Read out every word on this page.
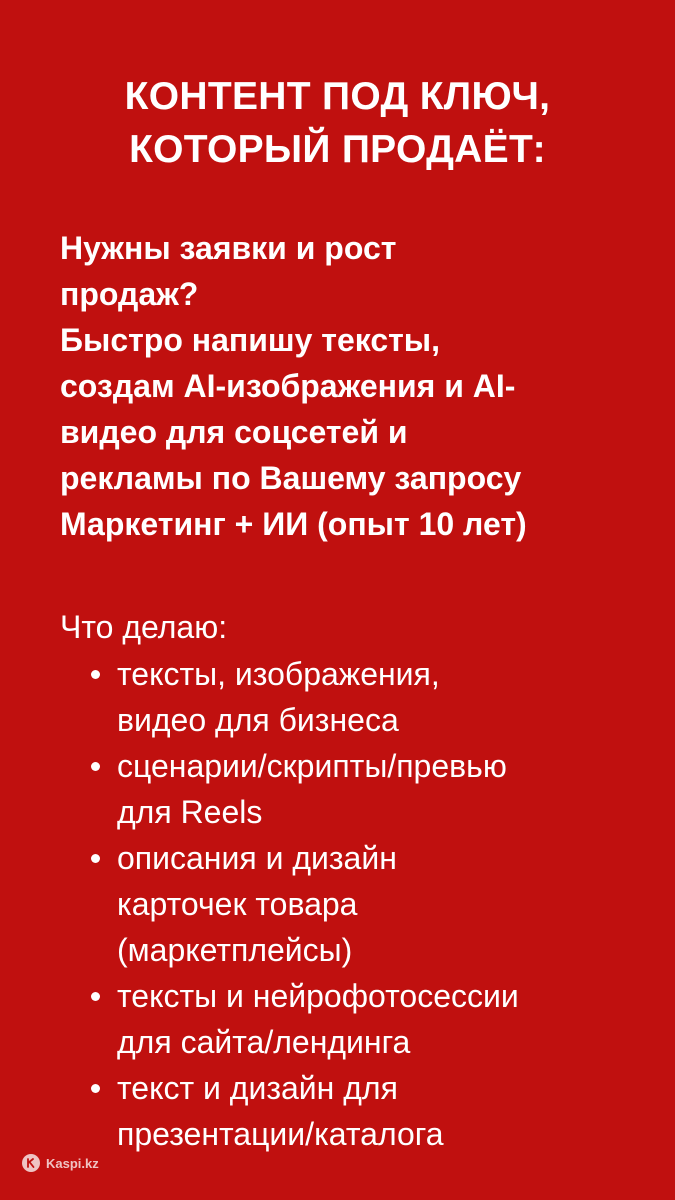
КОНТЕНТ ПОД КЛЮЧ,
КОТОРЫЙ ПРОДАЁТ:

Нужны заявки и рост
продаж?
Быстро напишу тексты,
создам AI-изображения и AI-
видео для соцсетей и
рекламы по Вашему запросу
Маркетинг + ИИ (опыт 10 лет)

Что делаю:

тексты, изображения,
видео для бизнеса
сценарии/скрипты/превью
для Reels
описания и дизайн
карточек товара
(маркетплейсы)
тексты и нейрофотосессии
для сайта/лендинга
текст и дизайн для
презентации/каталога
Kaspi.kz
